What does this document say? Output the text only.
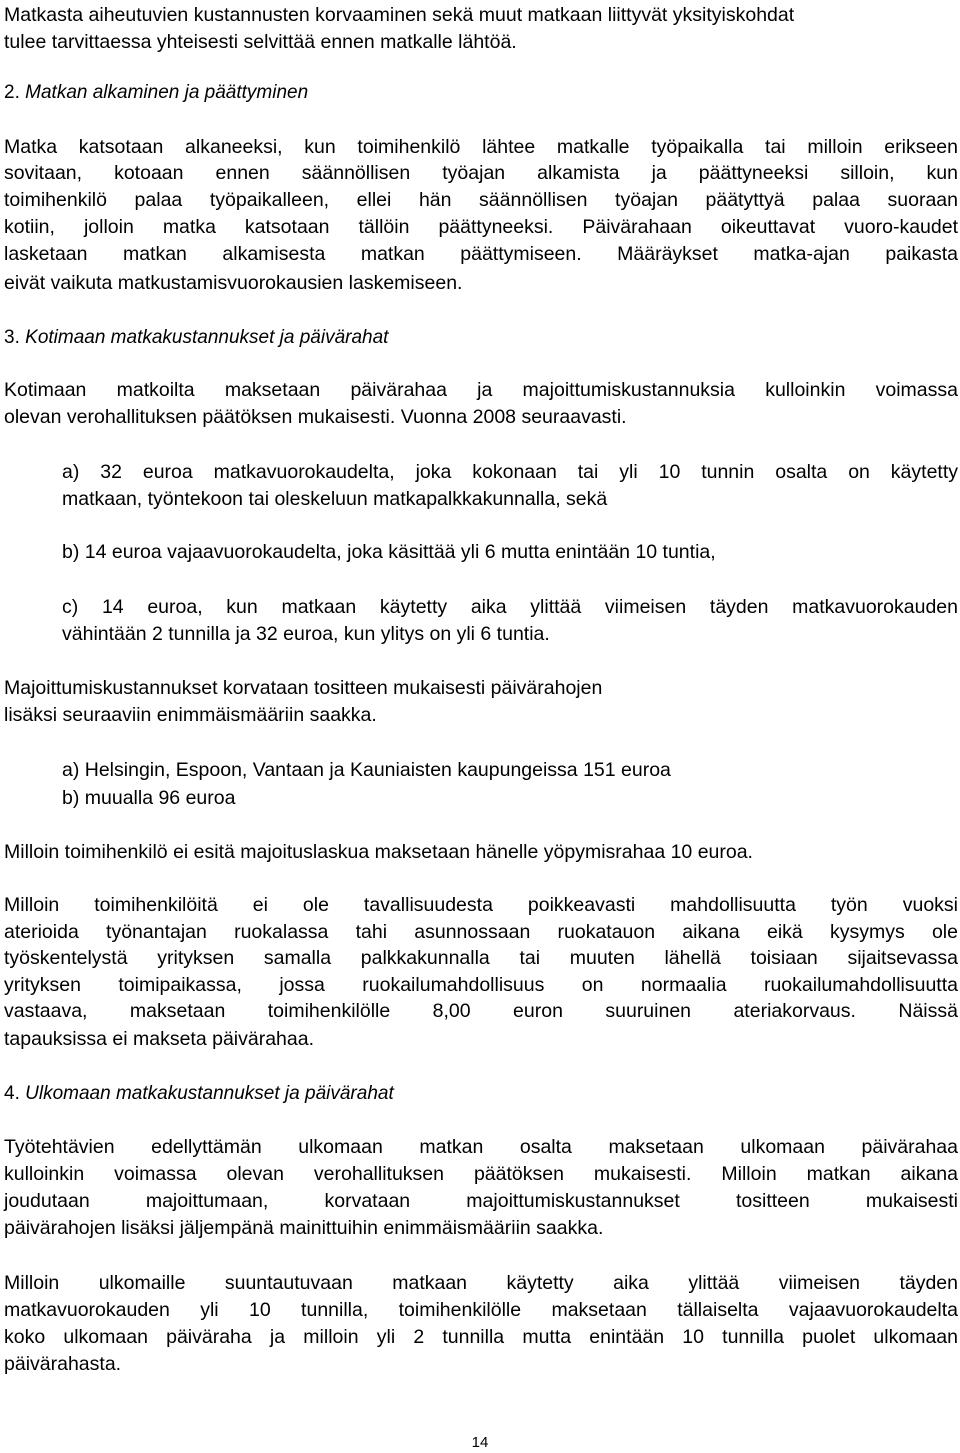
Matkasta aiheutuvien kustannusten korvaaminen sekä muut matkaan liittyvät yksityiskohdat
tulee tarvittaessa yhteisesti selvittää ennen matkalle lähtöä.
2. Matkan alkaminen ja päättyminen
Matka katsotaan alkaneeksi, kun toimihenkilö lähtee matkalle työpaikalla tai milloin erikseen
sovitaan, kotoaan ennen säännöllisen työajan alkamista ja päättyneeksi silloin, kun
toimihenkilö palaa työpaikalleen, ellei hän säännöllisen työajan päätyttyä palaa suoraan
kotiin, jolloin matka katsotaan tällöin päättyneeksi. Päivärahaan oikeuttavat vuoro-kaudet
lasketaan matkan alkamisesta matkan päättymiseen. Määräykset matka-ajan paikasta
eivät vaikuta matkustamisvuorokausien laskemiseen.
3. Kotimaan matkakustannukset ja päivärahat
Kotimaan matkoilta maksetaan päivärahaa ja majoittumiskustannuksia kulloinkin voimassa
olevan verohallituksen päätöksen mukaisesti. Vuonna 2008 seuraavasti.
a) 32 euroa matkavuorokaudelta, joka kokonaan tai yli 10 tunnin osalta on käytetty
matkaan, työntekoon tai oleskeluun matkapalkkakunnalla, sekä
b) 14 euroa vajaavuorokaudelta, joka käsittää yli 6 mutta enintään 10 tuntia,
c) 14 euroa, kun matkaan käytetty aika ylittää viimeisen täyden matkavuorokauden
vähintään 2 tunnilla ja 32 euroa, kun ylitys on yli 6 tuntia.
Majoittumiskustannukset korvataan tositteen mukaisesti päivärahojen
lisäksi seuraaviin enimmäismääriin saakka.
a) Helsingin, Espoon, Vantaan ja Kauniaisten kaupungeissa 151 euroa
b) muualla 96 euroa
Milloin toimihenkilö ei esitä majoituslaskua maksetaan hänelle yöpymisrahaa 10 euroa.
Milloin toimihenkilöitä ei ole tavallisuudesta poikkeavasti mahdollisuutta työn vuoksi
aterioida työnantajan ruokalassa tahi asunnossaan ruokatauon aikana eikä kysymys ole
työskentelystä yrityksen samalla palkkakunnalla tai muuten lähellä toisiaan sijaitsevassa
yrityksen toimipaikassa, jossa ruokailumahdollisuus on normaalia ruokailumahdollisuutta
vastaava, maksetaan toimihenkilölle 8,00 euron suuruinen ateriakorvaus. Näissä
tapauksissa ei makseta päivärahaa.
4. Ulkomaan matkakustannukset ja päivärahat
Työtehtävien edellyttämän ulkomaan matkan osalta maksetaan ulkomaan päivärahaa
kulloinkin voimassa olevan verohallituksen päätöksen mukaisesti. Milloin matkan aikana
joudutaan majoittumaan, korvataan majoittumiskustannukset tositteen mukaisesti
päivärahojen lisäksi jäljempänä mainittuihin enimmäismääriin saakka.
Milloin ulkomaille suuntautuvaan matkaan käytetty aika ylittää viimeisen täyden
matkavuorokauden yli 10 tunnilla, toimihenkilölle maksetaan tällaiselta vajaavuorokaudelta
koko ulkomaan päiväraha ja milloin yli 2 tunnilla mutta enintään 10 tunnilla puolet ulkomaan
päivärahasta.
14
